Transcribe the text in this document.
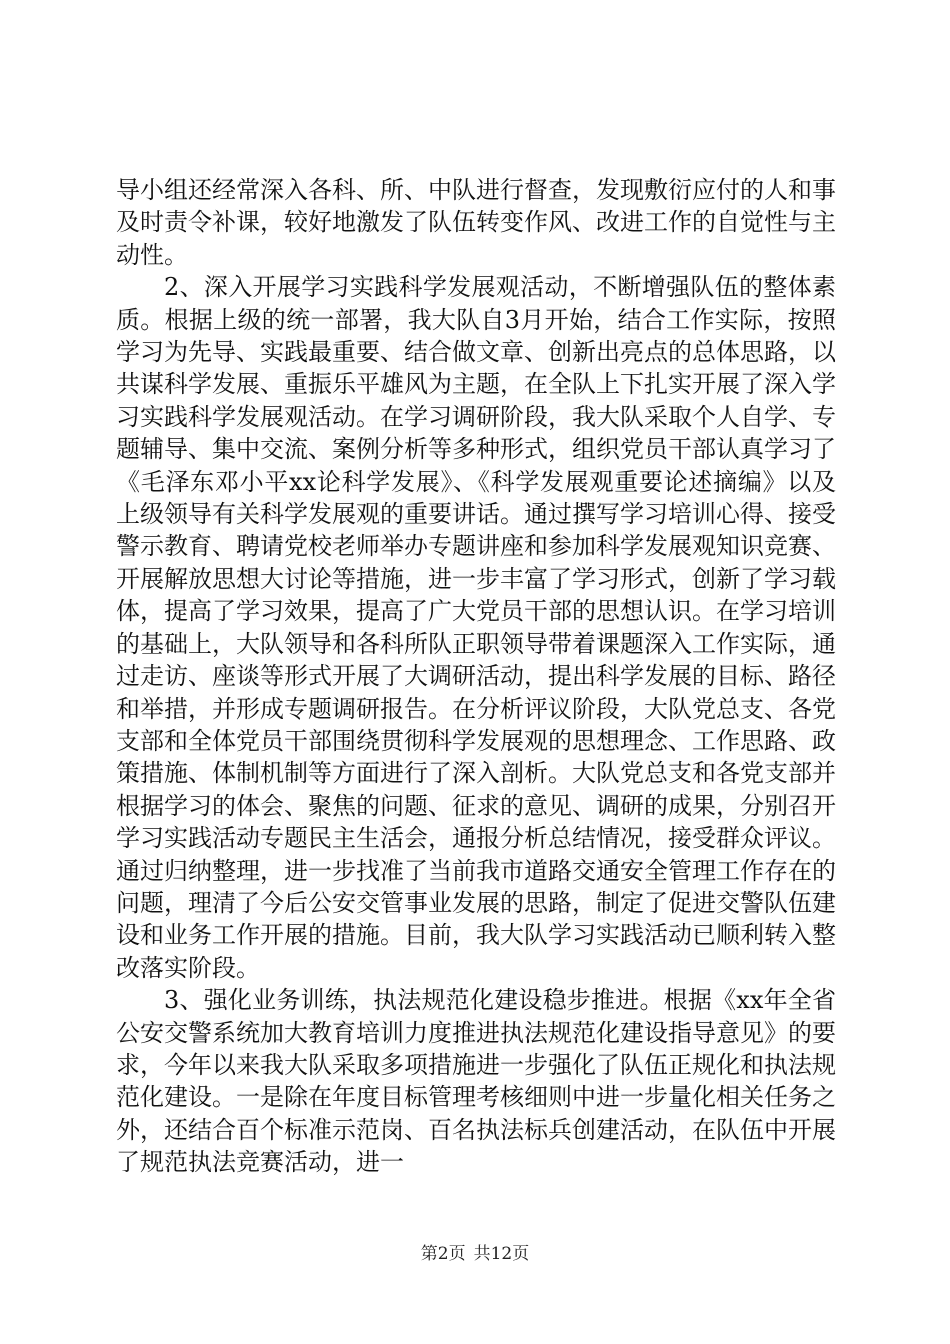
导小组还经常深入各科、所、中队进行督查，发现敷衍应付的人和事及时责令补课，较好地激发了队伍转变作风、改进工作的自觉性与主动性。

2、深入开展学习实践科学发展观活动，不断增强队伍的整体素质。根据上级的统一部署，我大队自3月开始，结合工作实际，按照学习为先导、实践最重要、结合做文章、创新出亮点的总体思路，以共谋科学发展、重振乐平雄风为主题，在全队上下扎实开展了深入学习实践科学发展观活动。在学习调研阶段，我大队采取个人自学、专题辅导、集中交流、案例分析等多种形式，组织党员干部认真学习了《毛泽东邓小平xx论科学发展》、《科学发展观重要论述摘编》以及上级领导有关科学发展观的重要讲话。通过撰写学习培训心得、接受警示教育、聘请党校老师举办专题讲座和参加科学发展观知识竞赛、开展解放思想大讨论等措施，进一步丰富了学习形式，创新了学习载体，提高了学习效果，提高了广大党员干部的思想认识。在学习培训的基础上，大队领导和各科所队正职领导带着课题深入工作实际，通过走访、座谈等形式开展了大调研活动，提出科学发展的目标、路径和举措，并形成专题调研报告。在分析评议阶段，大队党总支、各党支部和全体党员干部围绕贯彻科学发展观的思想理念、工作思路、政策措施、体制机制等方面进行了深入剖析。大队党总支和各党支部并根据学习的体会、聚焦的问题、征求的意见、调研的成果，分别召开学习实践活动专题民主生活会，通报分析总结情况，接受群众评议。通过归纳整理，进一步找准了当前我市道路交通安全管理工作存在的问题，理清了今后公安交管事业发展的思路，制定了促进交警队伍建设和业务工作开展的措施。目前，我大队学习实践活动已顺利转入整改落实阶段。

3、强化业务训练，执法规范化建设稳步推进。根据《xx年全省公安交警系统加大教育培训力度推进执法规范化建设指导意见》的要求，今年以来我大队采取多项措施进一步强化了队伍正规化和执法规范化建设。一是除在年度目标管理考核细则中进一步量化相关任务之外，还结合百个标准示范岗、百名执法标兵创建活动，在队伍中开展了规范执法竞赛活动，进一

第2页 共12页
